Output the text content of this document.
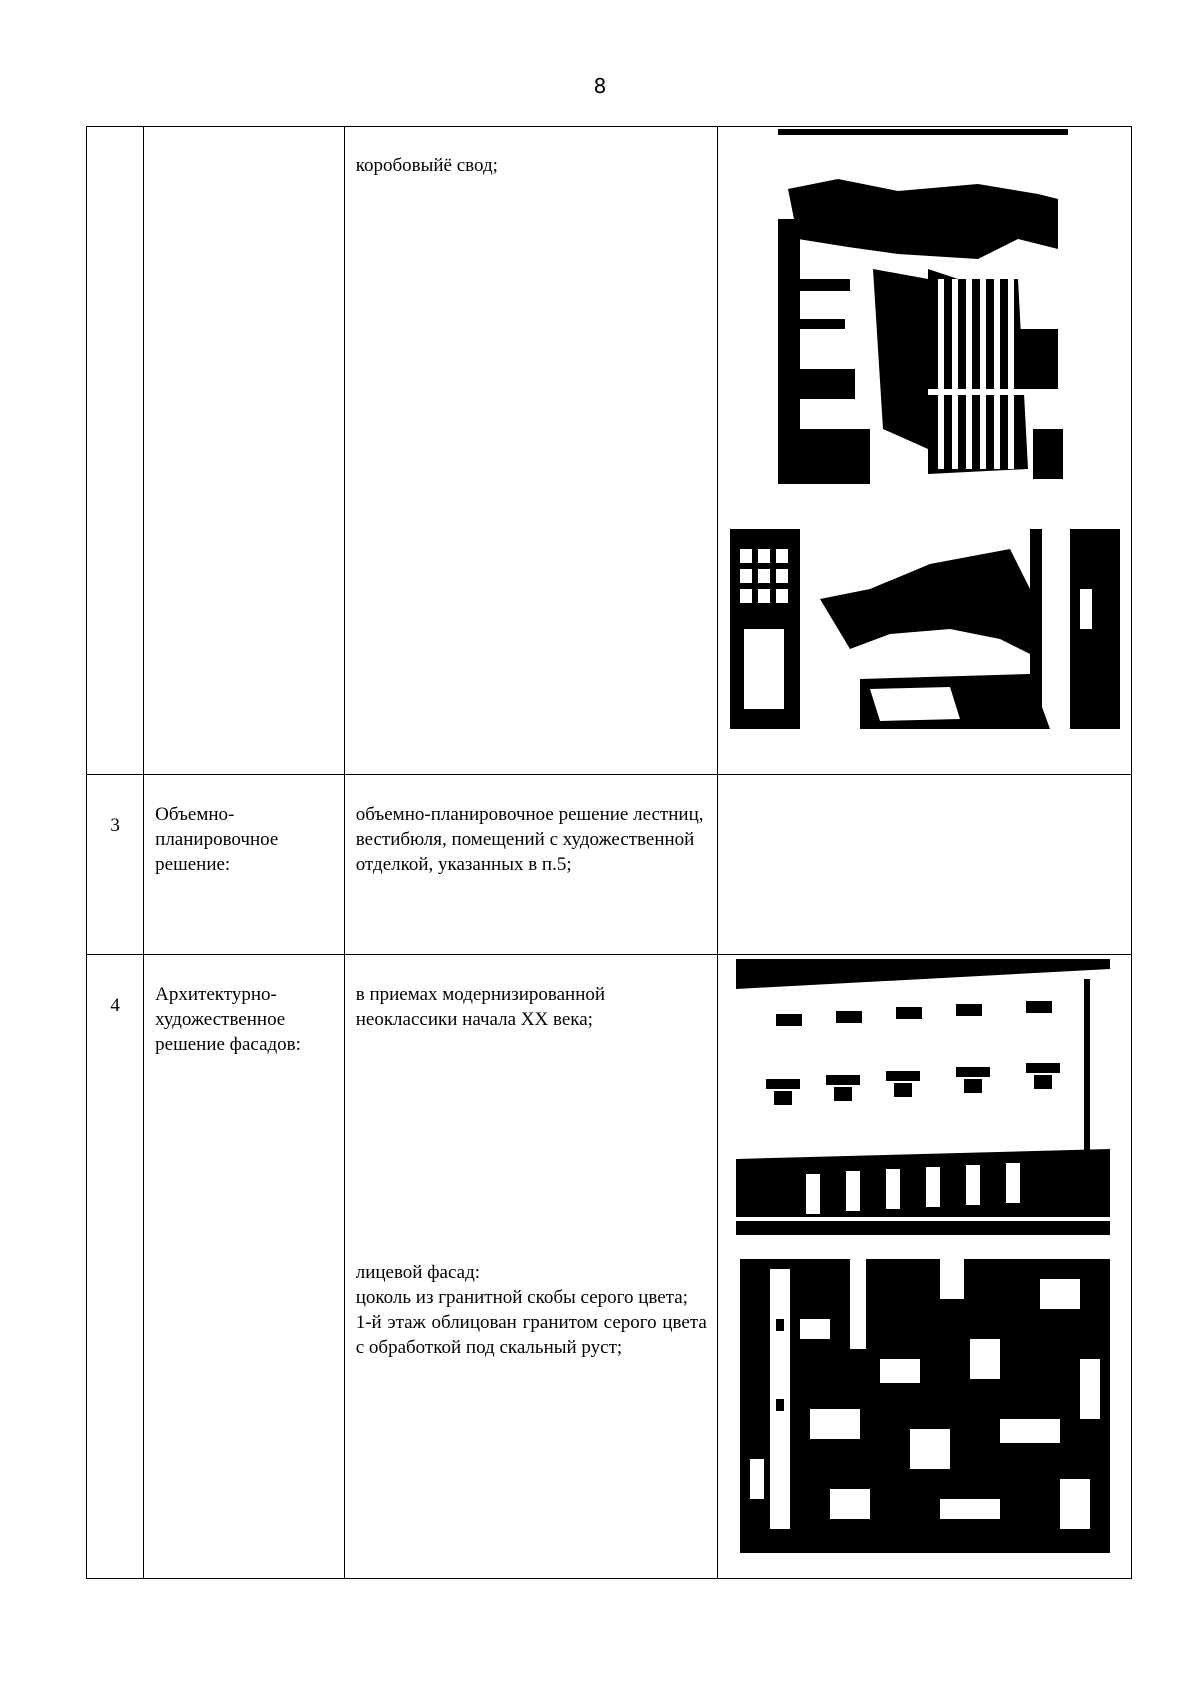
8

		коробовыйё свод;

3	Объемно-планировочное решение:	объемно-планировочное решение лестниц, вестибюля, помещений с художественной отделкой, указанных в п.5;	

4	Архитектурно-художественное решение фасадов:	в приемах модернизированной неоклассики начала XX века;
лицевой фасад:
цоколь из гранитной скобы серого цвета;
1-й этаж облицован гранитом серого цвета с обработкой под скальный руст;
